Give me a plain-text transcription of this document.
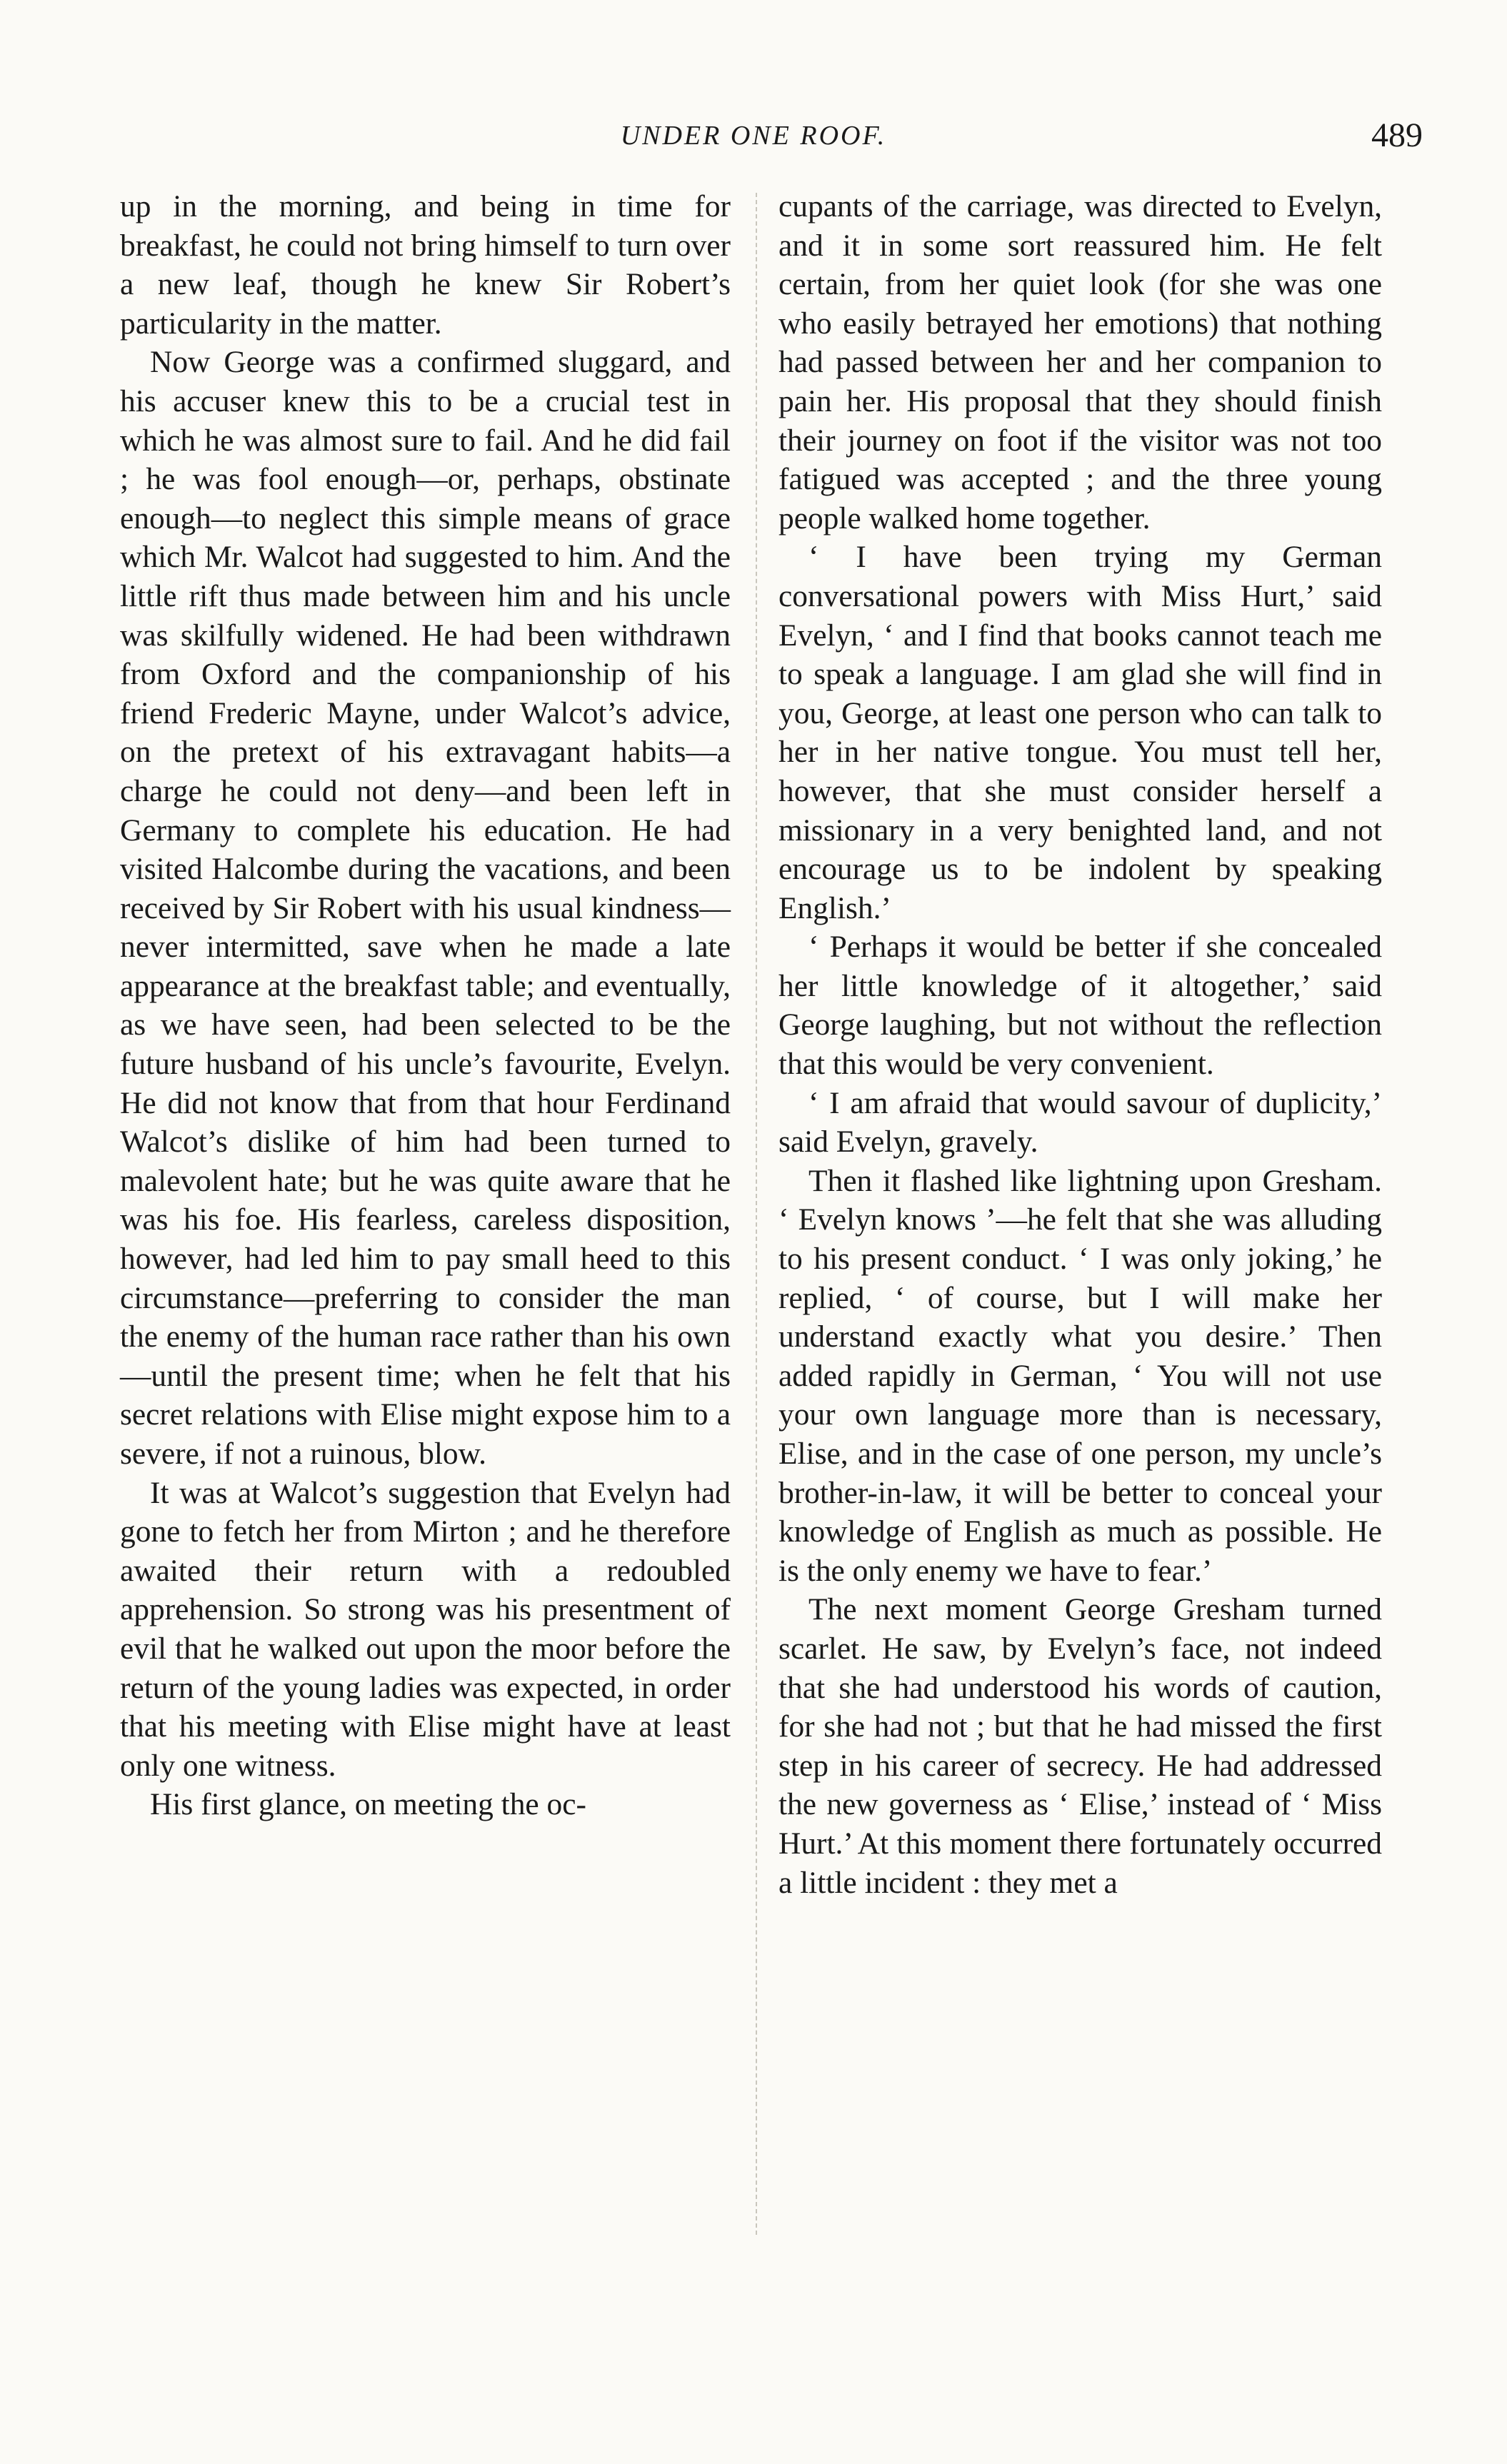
UNDER ONE ROOF.	489

up in the morning, and being in time for breakfast, he could not bring himself to turn over a new leaf, though he knew Sir Robert’s particularity in the matter.

Now George was a confirmed sluggard, and his accuser knew this to be a crucial test in which he was almost sure to fail. And he did fail ; he was fool enough—or, perhaps, obstinate enough—to neglect this simple means of grace which Mr. Walcot had suggested to him. And the little rift thus made between him and his uncle was skilfully widened. He had been withdrawn from Oxford and the companionship of his friend Frederic Mayne, under Walcot’s advice, on the pretext of his extravagant habits—a charge he could not deny—and been left in Germany to complete his education. He had visited Halcombe during the vacations, and been received by Sir Robert with his usual kindness—never intermitted, save when he made a late appearance at the breakfast table; and eventually, as we have seen, had been selected to be the future husband of his uncle’s favourite, Evelyn. He did not know that from that hour Ferdinand Walcot’s dislike of him had been turned to malevolent hate; but he was quite aware that he was his foe. His fearless, careless disposition, however, had led him to pay small heed to this circumstance—preferring to consider the man the enemy of the human race rather than his own—until the present time; when he felt that his secret relations with Elise might expose him to a severe, if not a ruinous, blow.

It was at Walcot’s suggestion that Evelyn had gone to fetch her from Mirton ; and he therefore awaited their return with a redoubled apprehension. So strong was his presentment of evil that he walked out upon the moor before the return of the young ladies was expected, in order that his meeting with Elise might have at least only one witness.

His first glance, on meeting the oc-

cupants of the carriage, was directed to Evelyn, and it in some sort reassured him. He felt certain, from her quiet look (for she was one who easily betrayed her emotions) that nothing had passed between her and her companion to pain her. His proposal that they should finish their journey on foot if the visitor was not too fatigued was accepted ; and the three young people walked home together.

‘ I have been trying my German conversational powers with Miss Hurt,’ said Evelyn, ‘ and I find that books cannot teach me to speak a language. I am glad she will find in you, George, at least one person who can talk to her in her native tongue. You must tell her, however, that she must consider herself a missionary in a very benighted land, and not encourage us to be indolent by speaking English.’

‘ Perhaps it would be better if she concealed her little knowledge of it altogether,’ said George laughing, but not without the reflection that this would be very convenient.

‘ I am afraid that would savour of duplicity,’ said Evelyn, gravely.

Then it flashed like lightning upon Gresham. ‘ Evelyn knows ’—he felt that she was alluding to his present conduct. ‘ I was only joking,’ he replied, ‘ of course, but I will make her understand exactly what you desire.’ Then added rapidly in German, ‘ You will not use your own language more than is necessary, Elise, and in the case of one person, my uncle’s brother-in-law, it will be better to conceal your knowledge of English as much as possible. He is the only enemy we have to fear.’

The next moment George Gresham turned scarlet. He saw, by Evelyn’s face, not indeed that she had understood his words of caution, for she had not ; but that he had missed the first step in his career of secrecy. He had addressed the new governess as ‘ Elise,’ instead of ‘ Miss Hurt.’ At this moment there fortunately occurred a little incident : they met a
